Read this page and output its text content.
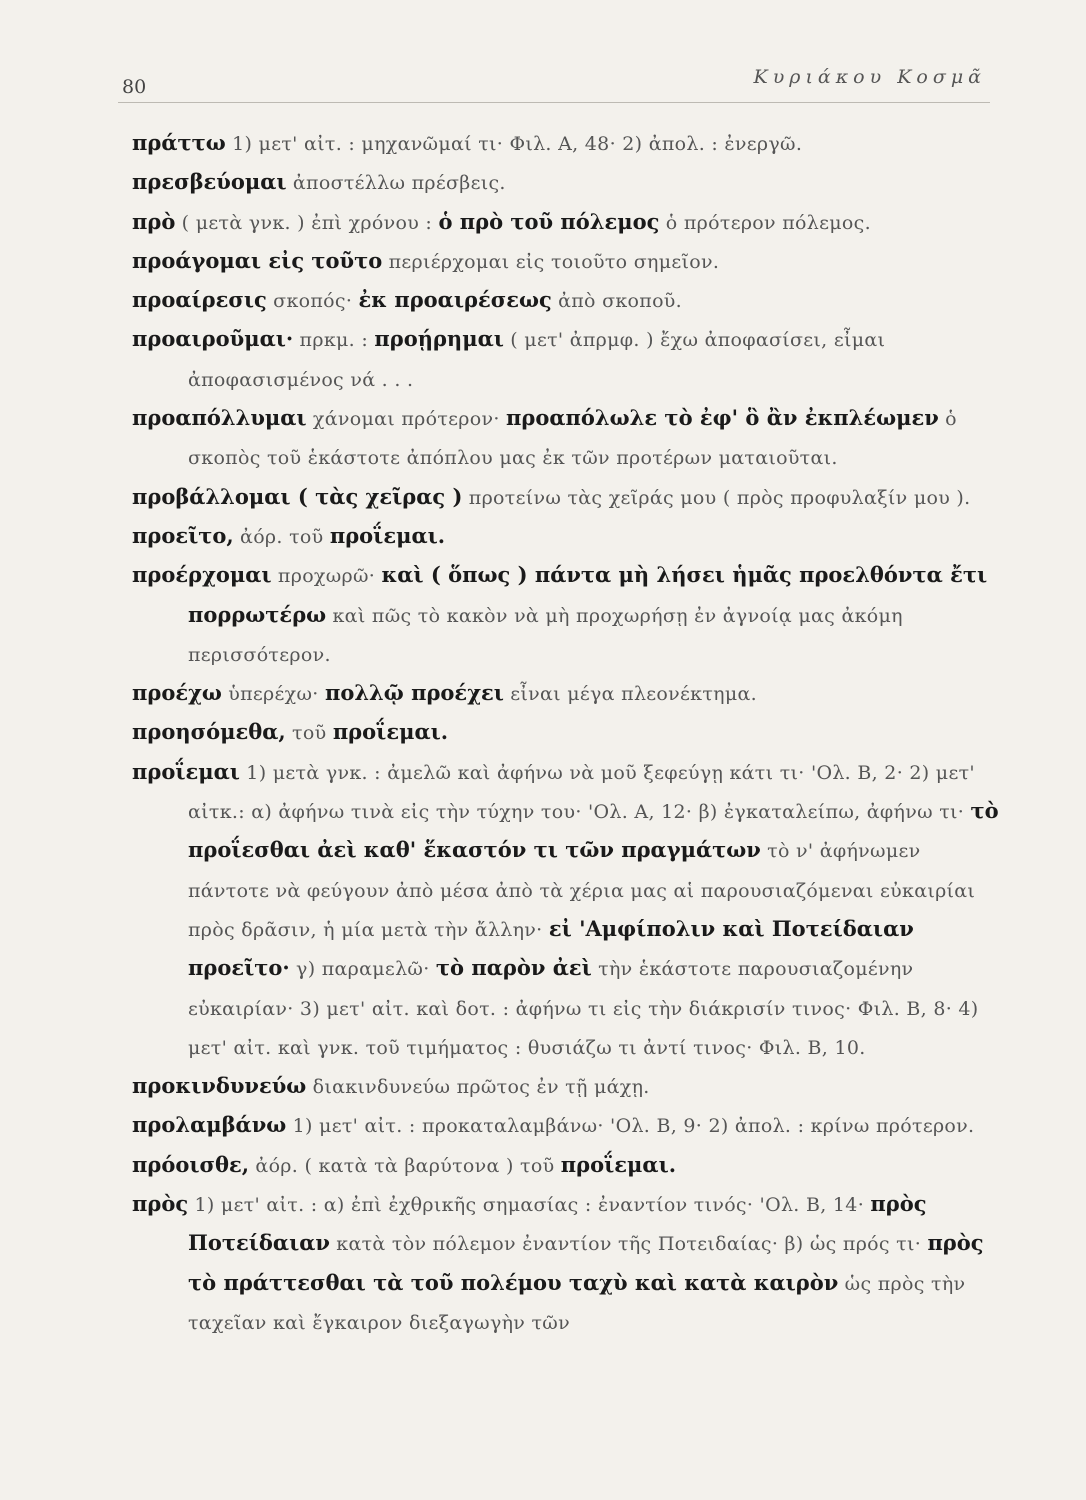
80	Κυριάκου Κοσμᾶ

πράττω 1) μετ' αἰτ. : μηχανῶμαί τι· Φιλ. Α, 48· 2) ἀπολ. : ἐνεργῶ.

πρεσβεύομαι ἀποστέλλω πρέσβεις.

πρὸ ( μετὰ γνκ. ) ἐπὶ χρόνου : ὁ πρὸ τοῦ πόλεμος ὁ πρότερον πόλεμος.

προάγομαι εἰς τοῦτο περιέρχομαι εἰς τοιοῦτο σημεῖον.

προαίρεσις σκοπός· ἐκ προαιρέσεως ἀπὸ σκοποῦ.

προαιροῦμαι· πρκμ. : προῄρημαι ( μετ' ἀπρμφ. ) ἔχω ἀποφασίσει, εἶμαι ἀποφασισμένος νά . . .

προαπόλλυμαι χάνομαι πρότερον· προαπόλωλε τὸ ἐφ' ὃ ἂν ἐκπλέωμεν ὁ σκοπὸς τοῦ ἑκάστοτε ἀπόπλου μας ἐκ τῶν προτέρων ματαιοῦται.

προβάλλομαι ( τὰς χεῖρας ) προτείνω τὰς χεῖράς μου ( πρὸς προφυλαξίν μου ).

προεῖτο, ἀόρ. τοῦ προΐεμαι.

προέρχομαι προχωρῶ· καὶ ( ὅπως ) πάντα μὴ λήσει ἡμᾶς προελθόντα ἔτι πορρωτέρω καὶ πῶς τὸ κακὸν νὰ μὴ προχωρήσῃ ἐν ἀγνοίᾳ μας ἀκόμη περισσότερον.

προέχω ὑπερέχω· πολλῷ προέχει εἶναι μέγα πλεονέκτημα.

προησόμεθα, τοῦ προΐεμαι.

προΐεμαι 1) μετὰ γνκ. : ἀμελῶ καὶ ἀφήνω νὰ μοῦ ξεφεύγῃ κάτι τι· 'Ολ. Β, 2· 2) μετ' αἰτκ.: α) ἀφήνω τινὰ εἰς τὴν τύχην του· 'Ολ. Α, 12· β) ἐγκαταλείπω, ἀφήνω τι· τὸ προΐεσθαι ἀεὶ καθ' ἕκαστόν τι τῶν πραγμάτων τὸ ν' ἀφήνωμεν πάντοτε νὰ φεύγουν ἀπὸ μέσα ἀπὸ τὰ χέρια μας αἱ παρουσιαζόμεναι εὐκαιρίαι πρὸς δρᾶσιν, ἡ μία μετὰ τὴν ἄλλην· εἰ 'Αμφίπολιν καὶ Ποτείδαιαν προεῖτο· γ) παραμελῶ· τὸ παρὸν ἀεὶ τὴν ἑκάστοτε παρουσιαζομένην εὐκαιρίαν· 3) μετ' αἰτ. καὶ δοτ. : ἀφήνω τι εἰς τὴν διάκρισίν τινος· Φιλ. Β, 8· 4) μετ' αἰτ. καὶ γνκ. τοῦ τιμήματος : θυσιάζω τι ἀντί τινος· Φιλ. Β, 10.

προκινδυνεύω διακινδυνεύω πρῶτος ἐν τῇ μάχῃ.

προλαμβάνω 1) μετ' αἰτ. : προκαταλαμβάνω· 'Ολ. Β, 9· 2) ἀπολ. : κρίνω πρότερον.

πρόοισθε, ἀόρ. ( κατὰ τὰ βαρύτονα ) τοῦ προΐεμαι.

πρὸς 1) μετ' αἰτ. : α) ἐπὶ ἐχθρικῆς σημασίας : ἐναντίον τινός· 'Ολ. Β, 14· πρὸς Ποτείδαιαν κατὰ τὸν πόλεμον ἐναντίον τῆς Ποτειδαίας· β) ὡς πρός τι· πρὸς τὸ πράττεσθαι τὰ τοῦ πολέμου ταχὺ καὶ κατὰ καιρὸν ὡς πρὸς τὴν ταχεῖαν καὶ ἔγκαιρον διεξαγωγὴν τῶν
